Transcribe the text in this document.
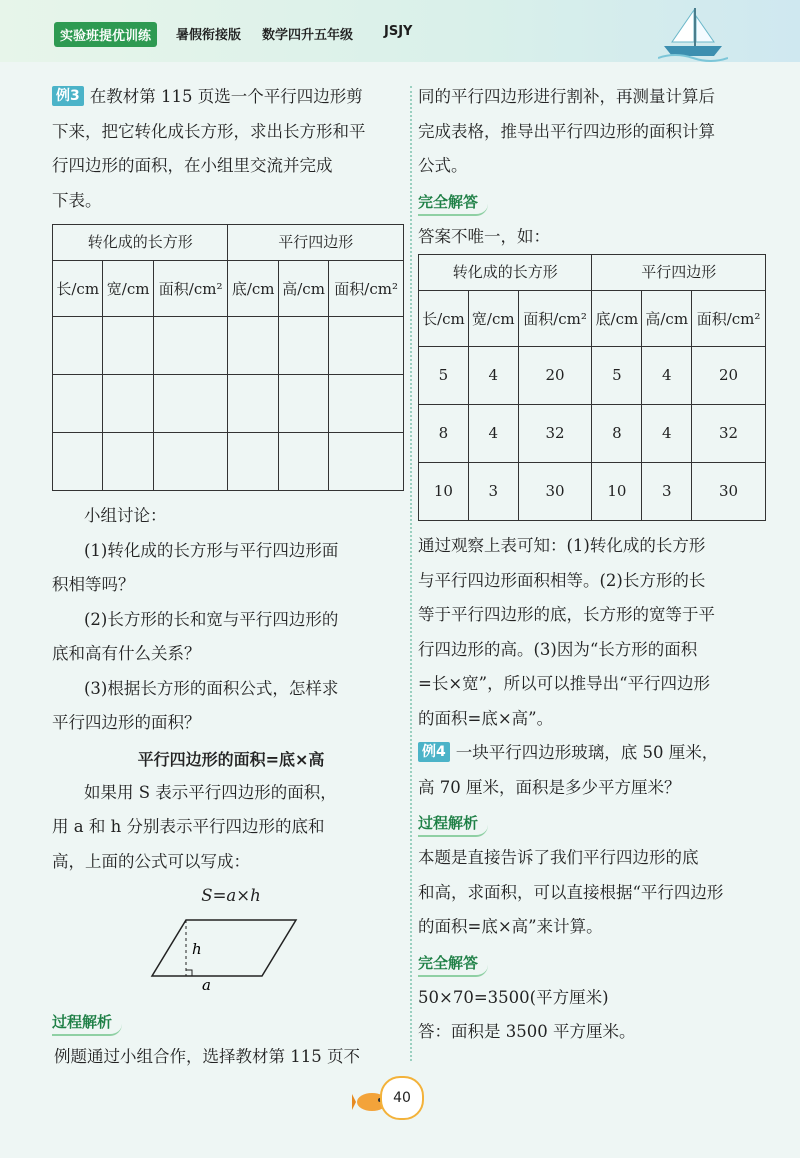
实验班提优训练	暑假衔接版 数学四升五年级 JSJY

例3 在教材第 115 页选一个平行四边形剪

下来，把它转化成长方形，求出长方形和平

行四边形的面积，在小组里交流并完成

下表。

转化成的长方形			平行四边形		
长/cm	宽/cm	面积/cm²	底/cm	高/cm	面积/cm²

小组讨论：

(1)转化成的长方形与平行四边形面

积相等吗？

(2)长方形的长和宽与平行四边形的

底和高有什么关系？

(3)根据长方形的面积公式，怎样求

平行四边形的面积？

平行四边形的面积=底×高

如果用 S 表示平行四边形的面积，

用 a 和 h 分别表示平行四边形的底和

高，上面的公式可以写成：

S=a×h

h
a
过程解析

例题通过小组合作，选择教材第 115 页不

同的平行四边形进行割补，再测量计算后

完成表格，推导出平行四边形的面积计算

公式。

完全解答

答案不唯一，如：

转化成的长方形			平行四边形		
长/cm	宽/cm	面积/cm²	底/cm	高/cm	面积/cm²
5	4	20	5	4	20
8	4	32	8	4	32
10	3	30	10	3	30

通过观察上表可知：(1)转化成的长方形

与平行四边形面积相等。(2)长方形的长

等于平行四边形的底，长方形的宽等于平

行四边形的高。(3)因为“长方形的面积

=长×宽”，所以可以推导出“平行四边形

的面积=底×高”。

例4 一块平行四边形玻璃，底 50 厘米，

高 70 厘米，面积是多少平方厘米？

过程解析

本题是直接告诉了我们平行四边形的底

和高，求面积，可以直接根据“平行四边形

的面积=底×高”来计算。

完全解答

50×70=3500(平方厘米)

答：面积是 3500 平方厘米。

40
